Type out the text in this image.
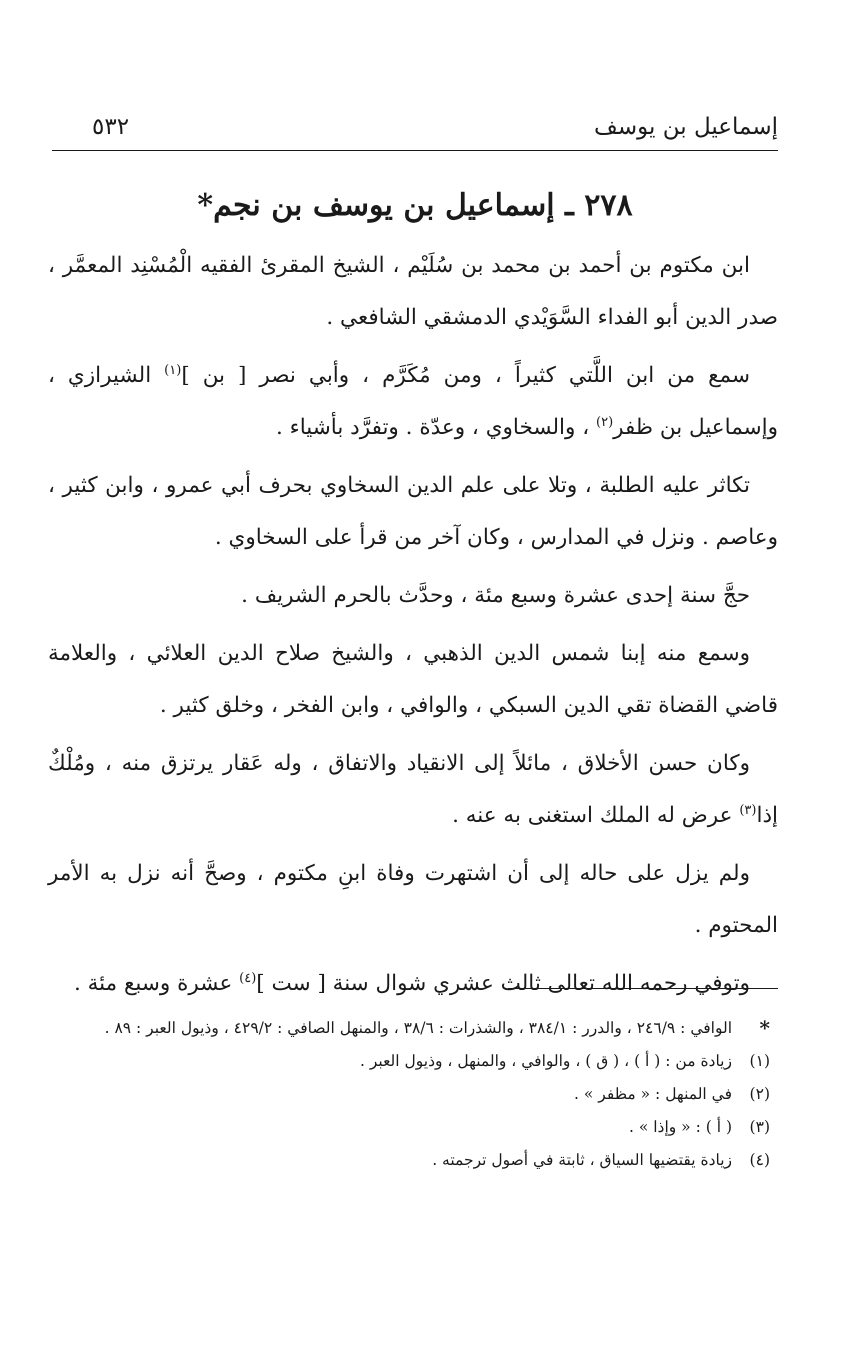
إسماعيل بن يوسف
٥٣٢
٢٧٨ ـ إسماعيل بن يوسف بن نجم*

ابن مكتوم بن أحمد بن محمد بن سُلَيْم ، الشيخ المقرئ الفقيه الْمُسْنِد المعمَّر ، صدر الدين أبو الفداء السَّوَيْدي الدمشقي الشافعي .

سمع من ابن اللَّتي كثيراً ، ومن مُكَرَّم ، وأبي نصر [ بن ]$^{(١)}$ الشيرازي ، وإسماعيل بن ظفر$^{(٢)}$ ، والسخاوي ، وعدّة . وتفرَّد بأشياء .

تكاثر عليه الطلبة ، وتلا على علم الدين السخاوي بحرف أبي عمرو ، وابن كثير ، وعاصم . ونزل في المدارس ، وكان آخر من قرأ على السخاوي .

حجَّ سنة إحدى عشرة وسبع مئة ، وحدَّث بالحرم الشريف .

وسمع منه إبنا شمس الدين الذهبي ، والشيخ صلاح الدين العلائي ، والعلامة قاضي القضاة تقي الدين السبكي ، والوافي ، وابن الفخر ، وخلق كثير .

وكان حسن الأخلاق ، مائلاً إلى الانقياد والاتفاق ، وله عَقار يرتزق منه ، ومُلْكٌ إذا$^{(٣)}$ عرض له الملك استغنى به عنه .

ولم يزل على حاله إلى أن اشتهرت وفاة ابنِ مكتوم ، وصحَّ أنه نزل به الأمر المحتوم .

وتوفي رحمه الله تعالى ثالث عشري شوال سنة [ ست ]$^{(٤)}$ عشرة وسبع مئة .

*
الوافي : ٢٤٦/٩ ، والدرر : ٣٨٤/١ ، والشذرات : ٣٨/٦ ، والمنهل الصافي : ٤٢٩/٢ ، وذيول العبر : ٨٩ .
(١)
زيادة من : ( أ ) ، ( ق ) ، والوافي ، والمنهل ، وذيول العبر .
(٢)
في المنهل : « مظفر » .
(٣)
( أ ) : « وإذا » .
(٤)
زيادة يقتضيها السياق ، ثابتة في أصول ترجمته .
